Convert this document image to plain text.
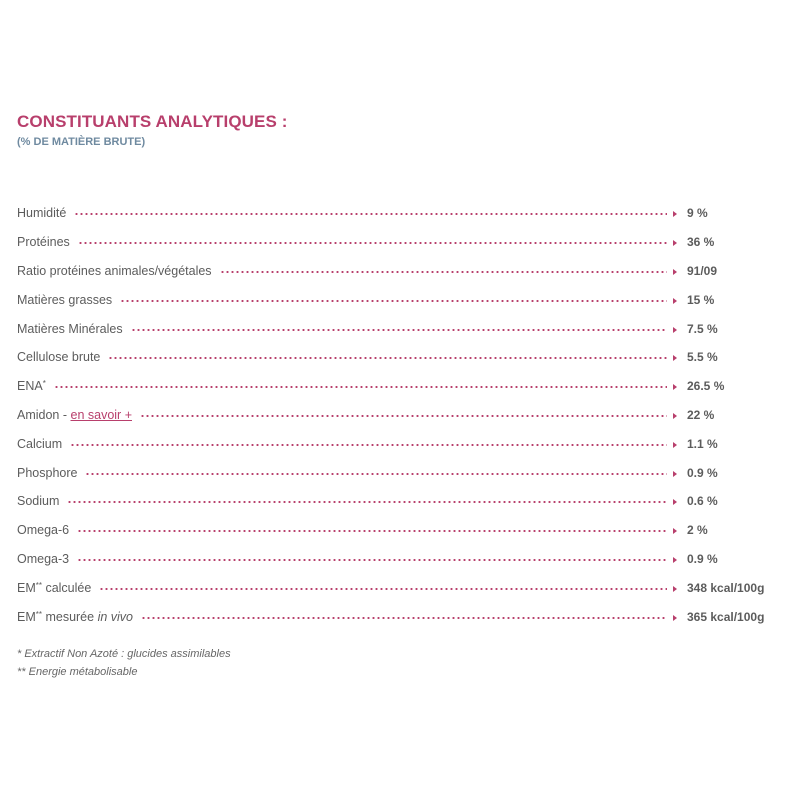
CONSTITUANTS ANALYTIQUES :
(% DE MATIÈRE BRUTE)
Humidité	9 %
Protéines	36 %
Ratio protéines animales/végétales	91/09
Matières grasses	15 %
Matières Minérales	7.5 %
Cellulose brute	5.5 %
ENA*	26.5 %
Amidon - en savoir +	22 %
Calcium	1.1 %
Phosphore	0.9 %
Sodium	0.6 %
Omega-6	2 %
Omega-3	0.9 %
EM** calculée	348 kcal/100g
EM** mesurée in vivo	365 kcal/100g
* Extractif Non Azoté : glucides assimilables
** Energie métabolisable
